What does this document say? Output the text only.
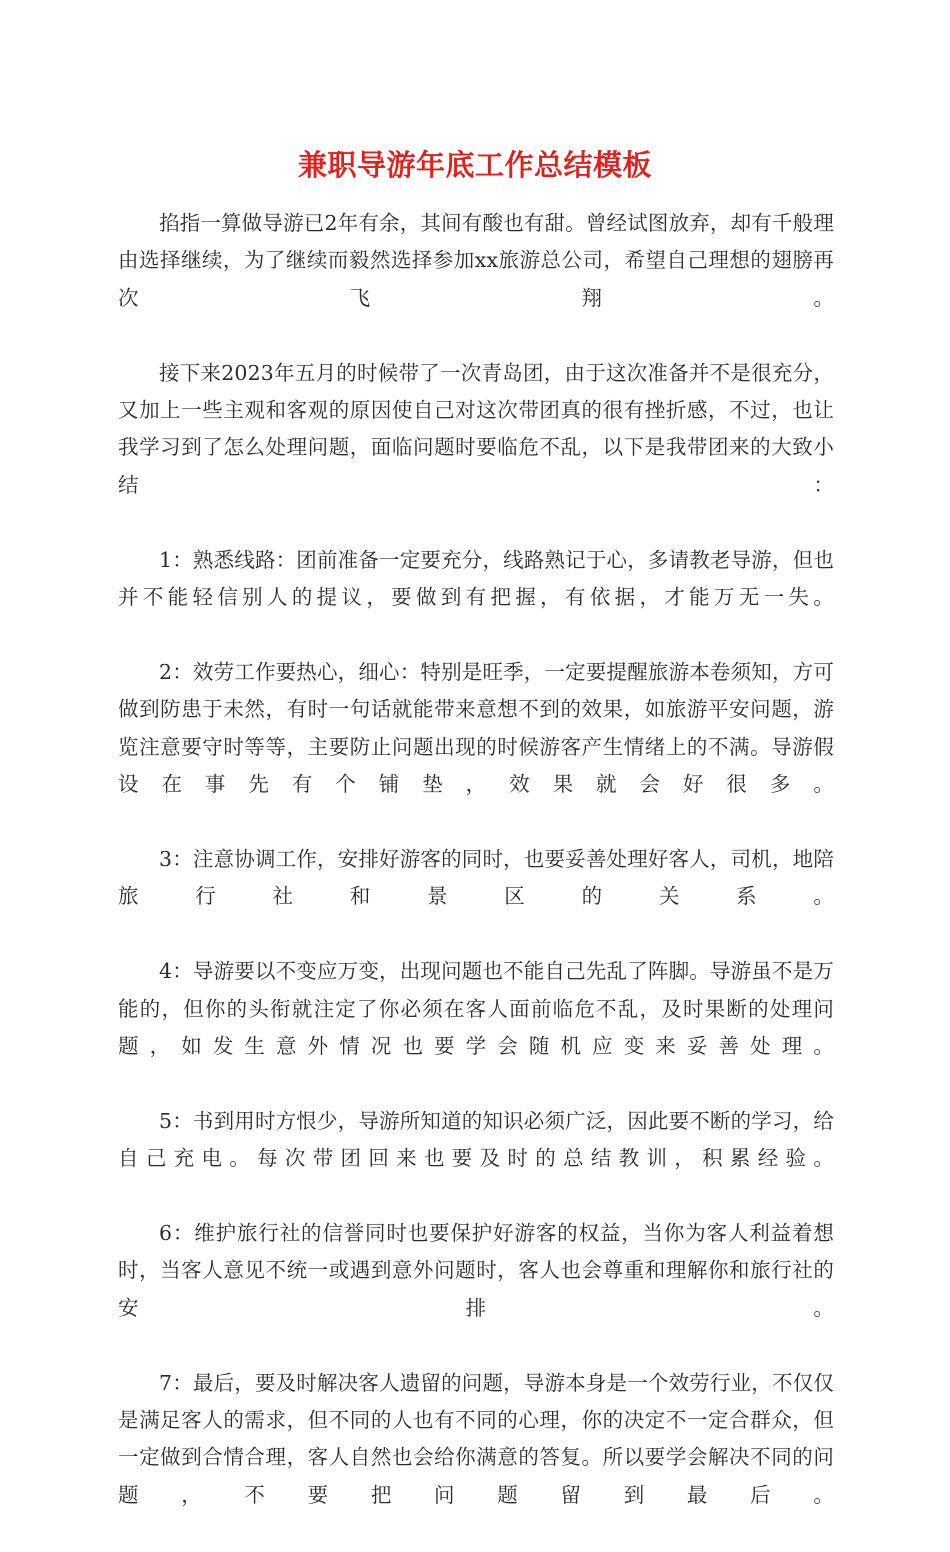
兼职导游年底工作总结模板

掐指一算做导游已2年有余，其间有酸也有甜。曾经试图放弃，却有千般理由选择继续，为了继续而毅然选择参加xx旅游总公司，希望自己理想的翅膀再次飞翔。

接下来2023年五月的时候带了一次青岛团，由于这次准备并不是很充分，又加上一些主观和客观的原因使自己对这次带团真的很有挫折感，不过，也让我学习到了怎么处理问题，面临问题时要临危不乱，以下是我带团来的大致小结：

1：熟悉线路：团前准备一定要充分，线路熟记于心，多请教老导游，但也并不能轻信别人的提议，要做到有把握，有依据，才能万无一失。

2：效劳工作要热心，细心：特别是旺季，一定要提醒旅游本卷须知，方可做到防患于未然，有时一句话就能带来意想不到的效果，如旅游平安问题，游览注意要守时等等，主要防止问题出现的时候游客产生情绪上的不满。导游假设在事先有个铺垫，效果就会好很多。

3：注意协调工作，安排好游客的同时，也要妥善处理好客人，司机，地陪旅行社和景区的关系。

4：导游要以不变应万变，出现问题也不能自己先乱了阵脚。导游虽不是万能的，但你的头衔就注定了你必须在客人面前临危不乱，及时果断的处理问题，如发生意外情况也要学会随机应变来妥善处理。

5：书到用时方恨少，导游所知道的知识必须广泛，因此要不断的学习，给自己充电。每次带团回来也要及时的总结教训，积累经验。

6：维护旅行社的信誉同时也要保护好游客的权益，当你为客人利益着想时，当客人意见不统一或遇到意外问题时，客人也会尊重和理解你和旅行社的安排。

7：最后，要及时解决客人遗留的问题，导游本身是一个效劳行业，不仅仅是满足客人的需求，但不同的人也有不同的心理，你的决定不一定合群众，但一定做到合情合理，客人自然也会给你满意的答复。所以要学会解决不同的问题，不要把问题留到最后。
